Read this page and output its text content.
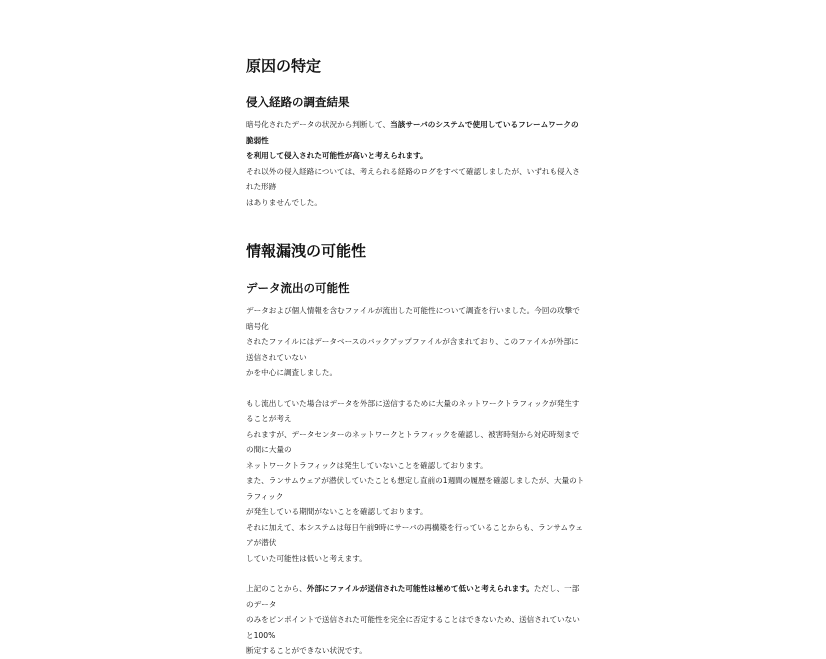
原因の特定
侵入経路の調査結果
暗号化されたデータの状況から判断して、当該サーバのシステムで使用しているフレームワークの脆弱性
を利用して侵入された可能性が高いと考えられます。
それ以外の侵入経路については、考えられる経路のログをすべて確認しましたが、いずれも侵入された形跡
はありませんでした。
情報漏洩の可能性
データ流出の可能性
データおよび個人情報を含むファイルが流出した可能性について調査を行いました。今回の攻撃で暗号化
されたファイルにはデータベースのバックアップファイルが含まれており、このファイルが外部に送信されていない
かを中心に調査しました。
もし流出していた場合はデータを外部に送信するために大量のネットワークトラフィックが発生することが考え
られますが、データセンターのネットワークとトラフィックを確認し、被害時刻から対応時刻までの間に大量の
ネットワークトラフィックは発生していないことを確認しております。
また、ランサムウェアが潜伏していたことも想定し直前の1週間の履歴を確認しましたが、大量のトラフィック
が発生している期間がないことを確認しております。
それに加えて、本システムは毎日午前9時にサーバの再構築を行っていることからも、ランサムウェアが潜伏
していた可能性は低いと考えます。
上記のことから、外部にファイルが送信された可能性は極めて低いと考えられます。ただし、一部のデータ
のみをピンポイントで送信された可能性を完全に否定することはできないため、送信されていないと100%
断定することができない状況です。
